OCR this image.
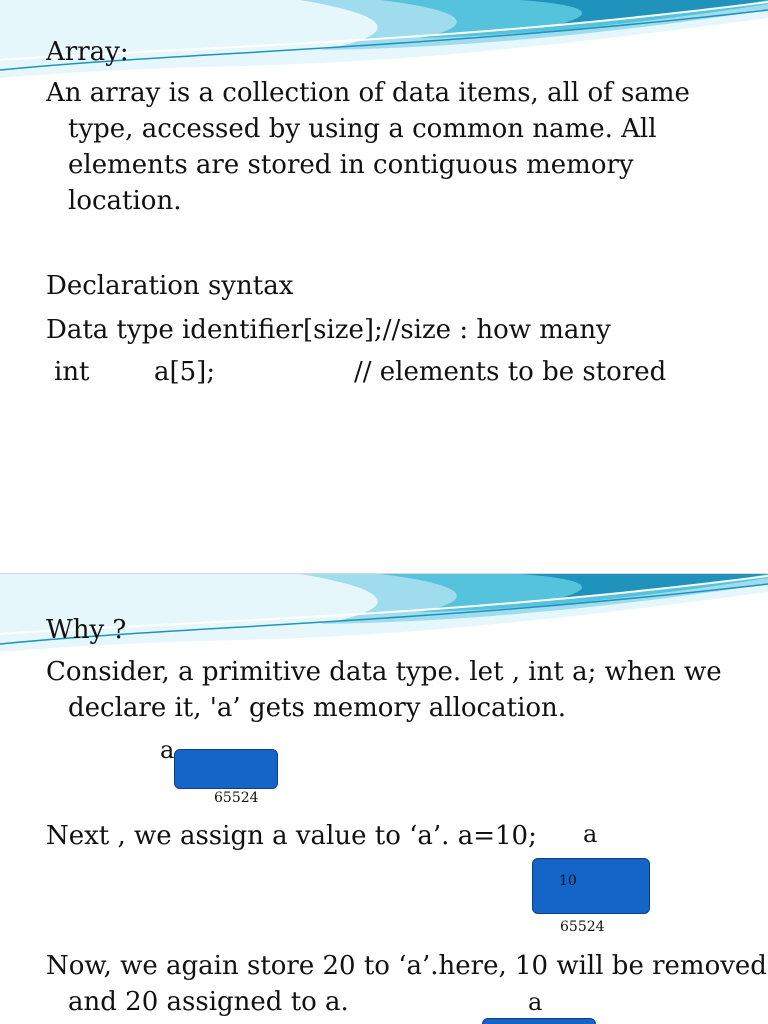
Array:
An array is a collection of data items, all of same
type, accessed by using a common name. All
elements are stored in contiguous memory
location.
Declaration syntax
Data type identifier[size];//size : how many
int a[5];	// elements to be stored
Why ?
Consider, a primitive data type. let , int a; when we
declare it, 'a’ gets memory allocation.
a
65524
Next , we assign a value to ‘a’. a=10; a
10
65524
Now, we again store 20 to ‘a’.here, 10 will be removed
and 20 assigned to a.	a
